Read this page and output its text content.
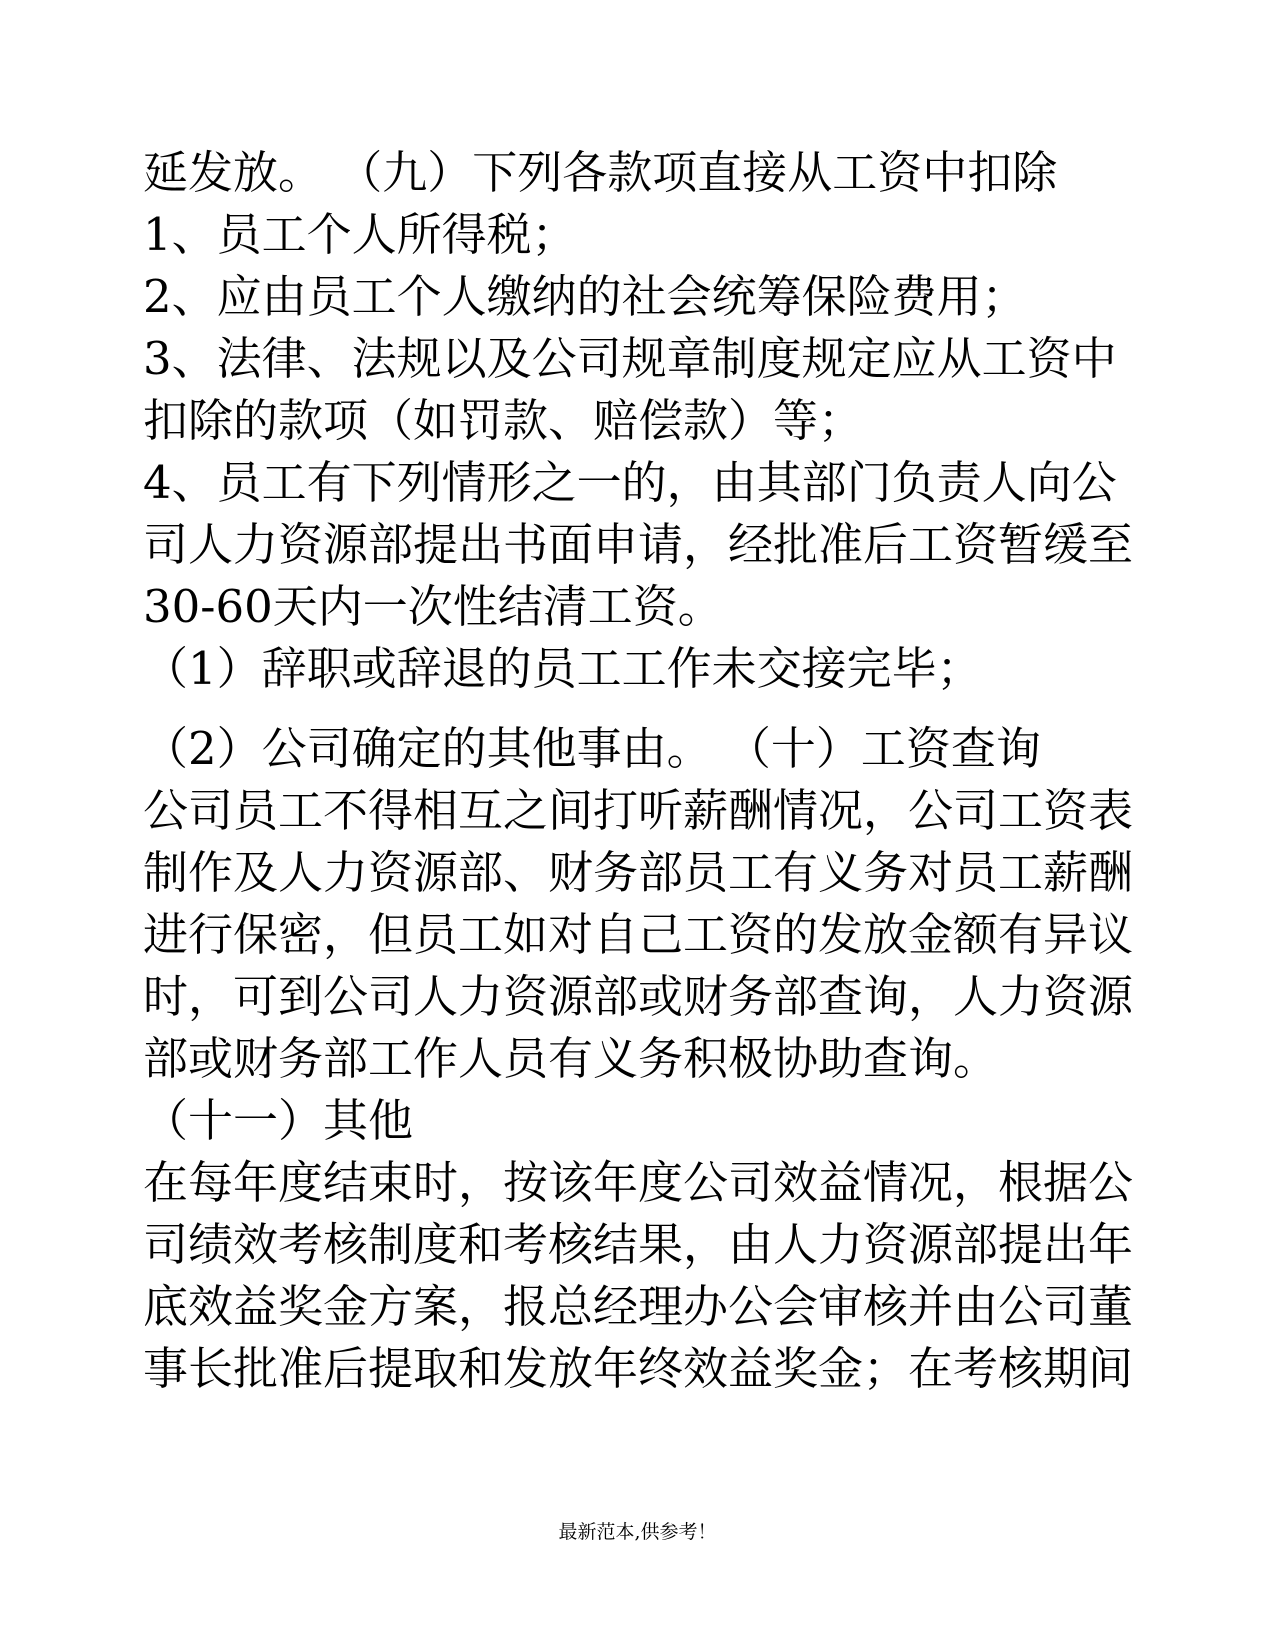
延发放。 （九）下列各款项直接从工资中扣除
1、员工个人所得税；
2、应由员工个人缴纳的社会统筹保险费用；
3、法律、法规以及公司规章制度规定应从工资中
扣除的款项（如罚款、赔偿款）等；
4、员工有下列情形之一的，由其部门负责人向公
司人力资源部提出书面申请，经批准后工资暂缓至
30-60天内一次性结清工资。
（1）辞职或辞退的员工工作未交接完毕；
（2）公司确定的其他事由。 （十）工资查询
公司员工不得相互之间打听薪酬情况，公司工资表
制作及人力资源部、财务部员工有义务对员工薪酬
进行保密，但员工如对自己工资的发放金额有异议
时，可到公司人力资源部或财务部查询，人力资源
部或财务部工作人员有义务积极协助查询。
（十一）其他
在每年度结束时，按该年度公司效益情况，根据公
司绩效考核制度和考核结果，由人力资源部提出年
底效益奖金方案，报总经理办公会审核并由公司董
事长批准后提取和发放年终效益奖金；在考核期间
最新范本,供参考！
